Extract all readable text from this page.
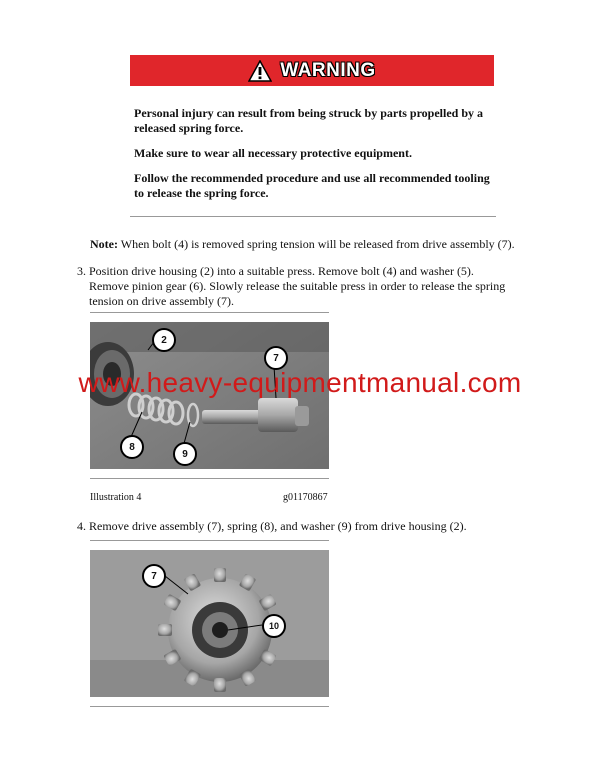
WARNING
Personal injury can result from being struck by parts propelled by a released spring force.
Make sure to wear all necessary protective equipment.
Follow the recommended procedure and use all recommended tooling to release the spring force.
Note: When bolt (4) is removed spring tension will be released from drive assembly (7).
3. Position drive housing (2) into a suitable press. Remove bolt (4) and washer (5). Remove pinion gear (6). Slowly release the suitable press in order to release the spring tension on drive assembly (7).
2
7
8
9
Illustration 4	g01170867
4. Remove drive assembly (7), spring (8), and washer (9) from drive housing (2).
7
10
www.heavy-equipmentmanual.com
